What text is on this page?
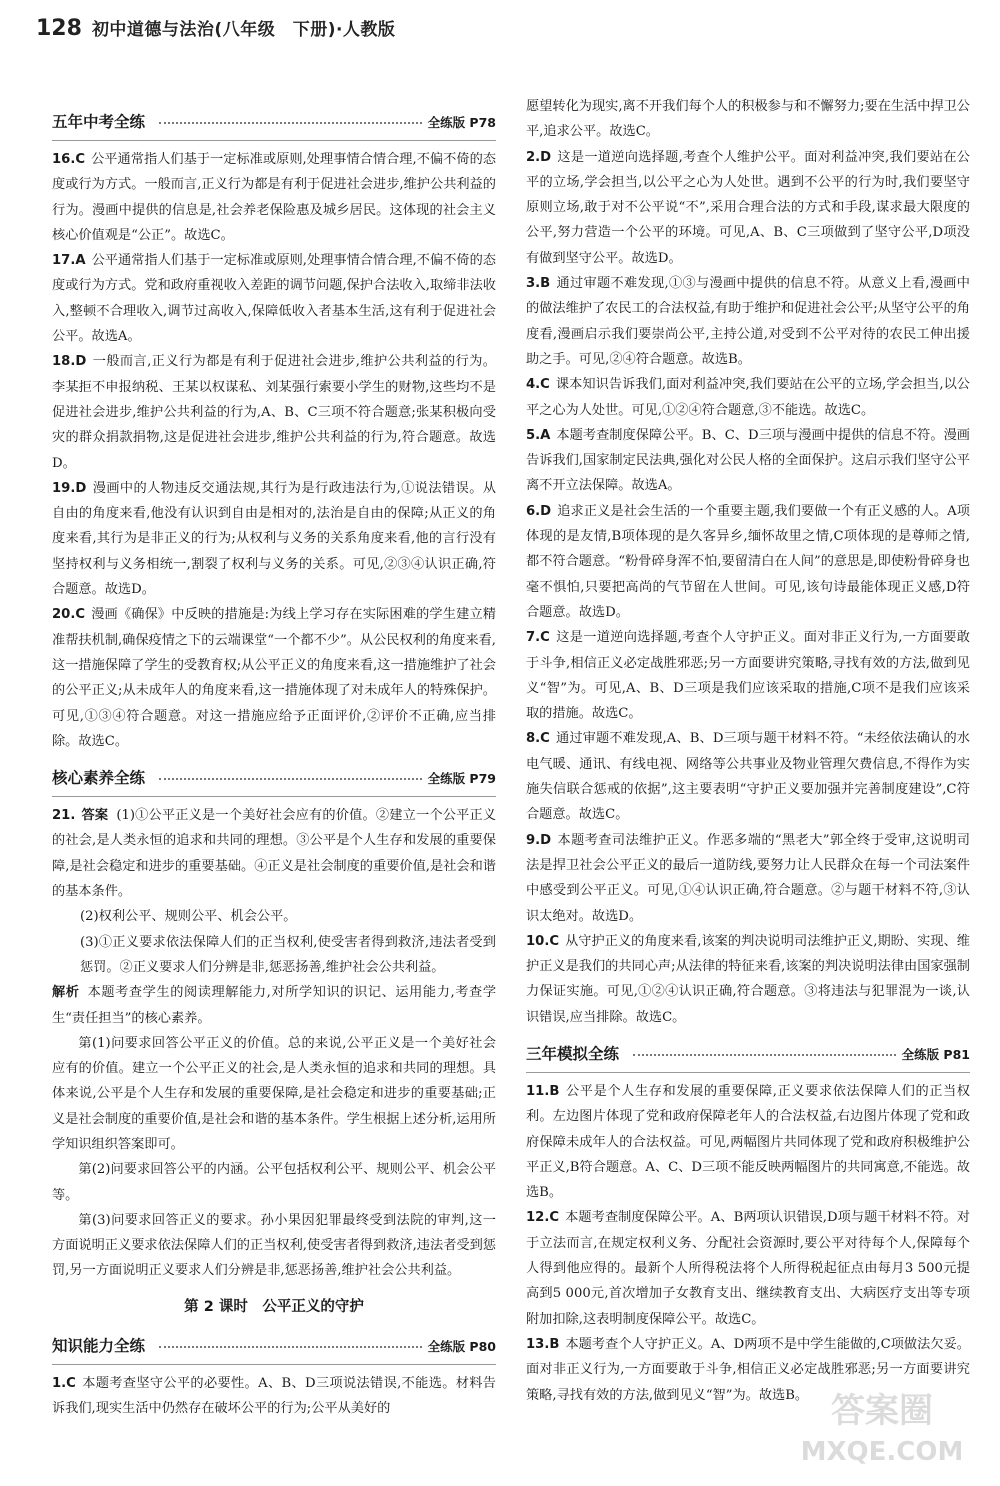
128 初中道德与法治(八年级　下册)·人教版
五年中考全练	全练版 P78

16.C 公平通常指人们基于一定标准或原则,处理事情合情合理,不偏不倚的态度或行为方式。一般而言,正义行为都是有利于促进社会进步,维护公共利益的行为。漫画中提供的信息是,社会养老保险惠及城乡居民。这体现的社会主义核心价值观是“公正”。故选C。

17.A 公平通常指人们基于一定标准或原则,处理事情合情合理,不偏不倚的态度或行为方式。党和政府重视收入差距的调节问题,保护合法收入,取缔非法收入,整顿不合理收入,调节过高收入,保障低收入者基本生活,这有利于促进社会公平。故选A。

18.D 一般而言,正义行为都是有利于促进社会进步,维护公共利益的行为。李某拒不申报纳税、王某以权谋私、刘某强行索要小学生的财物,这些均不是促进社会进步,维护公共利益的行为,A、B、C三项不符合题意;张某积极向受灾的群众捐款捐物,这是促进社会进步,维护公共利益的行为,符合题意。故选D。

19.D 漫画中的人物违反交通法规,其行为是行政违法行为,①说法错误。从自由的角度来看,他没有认识到自由是相对的,法治是自由的保障;从正义的角度来看,其行为是非正义的行为;从权利与义务的关系角度来看,他的言行没有坚持权利与义务相统一,割裂了权利与义务的关系。可见,②③④认识正确,符合题意。故选D。

20.C 漫画《确保》中反映的措施是:为线上学习存在实际困难的学生建立精准帮扶机制,确保疫情之下的云端课堂“一个都不少”。从公民权利的角度来看,这一措施保障了学生的受教育权;从公平正义的角度来看,这一措施维护了社会的公平正义;从未成年人的角度来看,这一措施体现了对未成年人的特殊保护。可见,①③④符合题意。对这一措施应给予正面评价,②评价不正确,应当排除。故选C。

核心素养全练	全练版 P79

21. 答案 (1)①公平正义是一个美好社会应有的价值。②建立一个公平正义的社会,是人类永恒的追求和共同的理想。③公平是个人生存和发展的重要保障,是社会稳定和进步的重要基础。④正义是社会制度的重要价值,是社会和谐的基本条件。

(2)权利公平、规则公平、机会公平。

(3)①正义要求依法保障人们的正当权利,使受害者得到救济,违法者受到惩罚。②正义要求人们分辨是非,惩恶扬善,维护社会公共利益。

解析 本题考查学生的阅读理解能力,对所学知识的识记、运用能力,考查学生“责任担当”的核心素养。

第(1)问要求回答公平正义的价值。总的来说,公平正义是一个美好社会应有的价值。建立一个公平正义的社会,是人类永恒的追求和共同的理想。具体来说,公平是个人生存和发展的重要保障,是社会稳定和进步的重要基础;正义是社会制度的重要价值,是社会和谐的基本条件。学生根据上述分析,运用所学知识组织答案即可。

第(2)问要求回答公平的内涵。公平包括权利公平、规则公平、机会公平等。

第(3)问要求回答正义的要求。孙小果因犯罪最终受到法院的审判,这一方面说明正义要求依法保障人们的正当权利,使受害者得到救济,违法者受到惩罚,另一方面说明正义要求人们分辨是非,惩恶扬善,维护社会公共利益。

第 2 课时　公平正义的守护
知识能力全练	全练版 P80

1.C 本题考查坚守公平的必要性。A、B、D三项说法错误,不能选。材料告诉我们,现实生活中仍然存在破坏公平的行为;公平从美好的

愿望转化为现实,离不开我们每个人的积极参与和不懈努力;要在生活中捍卫公平,追求公平。故选C。

2.D 这是一道逆向选择题,考查个人维护公平。面对利益冲突,我们要站在公平的立场,学会担当,以公平之心为人处世。遇到不公平的行为时,我们要坚守原则立场,敢于对不公平说“不”,采用合理合法的方式和手段,谋求最大限度的公平,努力营造一个公平的环境。可见,A、B、C三项做到了坚守公平,D项没有做到坚守公平。故选D。

3.B 通过审题不难发现,①③与漫画中提供的信息不符。从意义上看,漫画中的做法维护了农民工的合法权益,有助于维护和促进社会公平;从坚守公平的角度看,漫画启示我们要崇尚公平,主持公道,对受到不公平对待的农民工伸出援助之手。可见,②④符合题意。故选B。

4.C 课本知识告诉我们,面对利益冲突,我们要站在公平的立场,学会担当,以公平之心为人处世。可见,①②④符合题意,③不能选。故选C。

5.A 本题考查制度保障公平。B、C、D三项与漫画中提供的信息不符。漫画告诉我们,国家制定民法典,强化对公民人格的全面保护。这启示我们坚守公平离不开立法保障。故选A。

6.D 追求正义是社会生活的一个重要主题,我们要做一个有正义感的人。A项体现的是友情,B项体现的是久客异乡,缅怀故里之情,C项体现的是尊师之情,都不符合题意。“粉骨碎身浑不怕,要留清白在人间”的意思是,即使粉骨碎身也毫不惧怕,只要把高尚的气节留在人世间。可见,该句诗最能体现正义感,D符合题意。故选D。

7.C 这是一道逆向选择题,考查个人守护正义。面对非正义行为,一方面要敢于斗争,相信正义必定战胜邪恶;另一方面要讲究策略,寻找有效的方法,做到见义“智”为。可见,A、B、D三项是我们应该采取的措施,C项不是我们应该采取的措施。故选C。

8.C 通过审题不难发现,A、B、D三项与题干材料不符。“未经依法确认的水电气暖、通讯、有线电视、网络等公共事业及物业管理欠费信息,不得作为实施失信联合惩戒的依据”,这主要表明“守护正义要加强并完善制度建设”,C符合题意。故选C。

9.D 本题考查司法维护正义。作恶多端的“黑老大”郭全终于受审,这说明司法是捍卫社会公平正义的最后一道防线,要努力让人民群众在每一个司法案件中感受到公平正义。可见,①④认识正确,符合题意。②与题干材料不符,③认识太绝对。故选D。

10.C 从守护正义的角度来看,该案的判决说明司法维护正义,期盼、实现、维护正义是我们的共同心声;从法律的特征来看,该案的判决说明法律由国家强制力保证实施。可见,①②④认识正确,符合题意。③将违法与犯罪混为一谈,认识错误,应当排除。故选C。

三年模拟全练	全练版 P81

11.B 公平是个人生存和发展的重要保障,正义要求依法保障人们的正当权利。左边图片体现了党和政府保障老年人的合法权益,右边图片体现了党和政府保障未成年人的合法权益。可见,两幅图片共同体现了党和政府积极维护公平正义,B符合题意。A、C、D三项不能反映两幅图片的共同寓意,不能选。故选B。

12.C 本题考查制度保障公平。A、B两项认识错误,D项与题干材料不符。对于立法而言,在规定权利义务、分配社会资源时,要公平对待每个人,保障每个人得到他应得的。最新个人所得税法将个人所得税起征点由每月3 500元提高到5 000元,首次增加子女教育支出、继续教育支出、大病医疗支出等专项附加扣除,这表明制度保障公平。故选C。

13.B 本题考查个人守护正义。A、D两项不是中学生能做的,C项做法欠妥。面对非正义行为,一方面要敢于斗争,相信正义必定战胜邪恶;另一方面要讲究策略,寻找有效的方法,做到见义“智”为。故选B。 答案圈
MXQE.COM
